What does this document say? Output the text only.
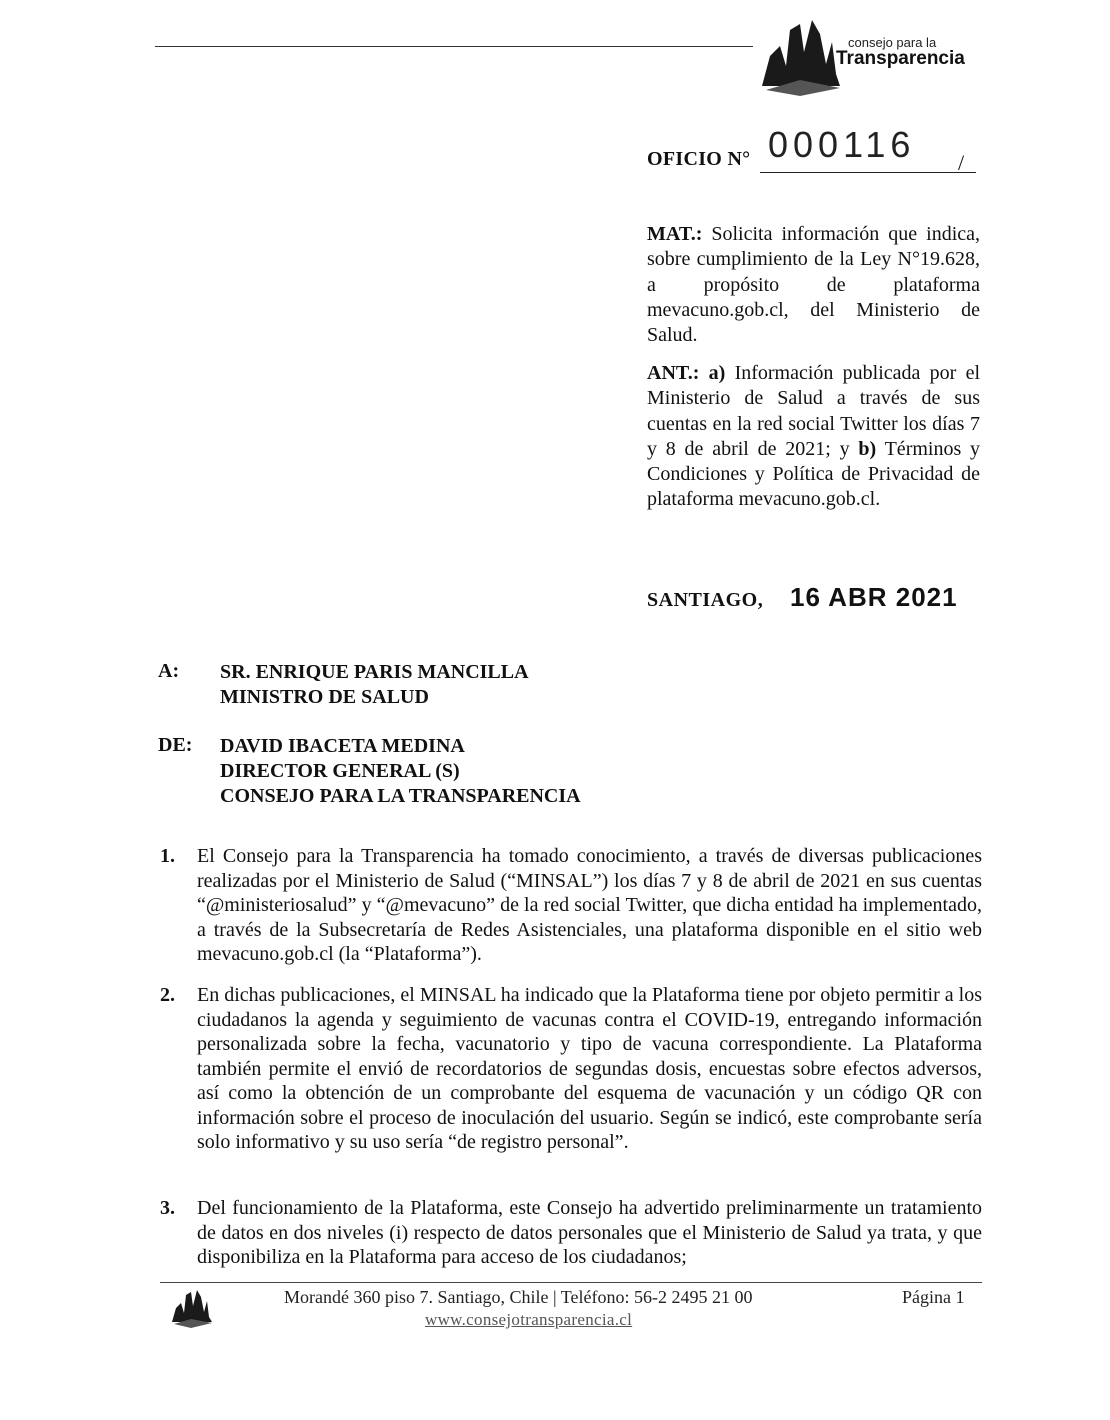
consejo para la
Transparencia
OFICIO N° 000116 /
MAT.: Solicita información que indica, sobre cumplimiento de la Ley N°19.628, a propósito de plataforma mevacuno.gob.cl, del Ministerio de Salud.
ANT.: a) Información publicada por el Ministerio de Salud a través de sus cuentas en la red social Twitter los días 7 y 8 de abril de 2021; y b) Términos y Condiciones y Política de Privacidad de plataforma mevacuno.gob.cl.
SANTIAGO, 16 ABR 2021
A: SR. ENRIQUE PARIS MANCILLA
MINISTRO DE SALUD
DE: DAVID IBACETA MEDINA
DIRECTOR GENERAL (S)
CONSEJO PARA LA TRANSPARENCIA
1. El Consejo para la Transparencia ha tomado conocimiento, a través de diversas publicaciones realizadas por el Ministerio de Salud (“MINSAL”) los días 7 y 8 de abril de 2021 en sus cuentas “@ministeriosalud” y “@mevacuno” de la red social Twitter, que dicha entidad ha implementado, a través de la Subsecretaría de Redes Asistenciales, una plataforma disponible en el sitio web mevacuno.gob.cl (la “Plataforma”).
2. En dichas publicaciones, el MINSAL ha indicado que la Plataforma tiene por objeto permitir a los ciudadanos la agenda y seguimiento de vacunas contra el COVID-19, entregando información personalizada sobre la fecha, vacunatorio y tipo de vacuna correspondiente. La Plataforma también permite el envió de recordatorios de segundas dosis, encuestas sobre efectos adversos, así como la obtención de un comprobante del esquema de vacunación y un código QR con información sobre el proceso de inoculación del usuario. Según se indicó, este comprobante sería solo informativo y su uso sería “de registro personal”.
3. Del funcionamiento de la Plataforma, este Consejo ha advertido preliminarmente un tratamiento de datos en dos niveles (i) respecto de datos personales que el Ministerio de Salud ya trata, y que disponibiliza en la Plataforma para acceso de los ciudadanos;
Morandé 360 piso 7. Santiago, Chile | Teléfono: 56-2 2495 21 00	Página 1
www.consejotransparencia.cl
